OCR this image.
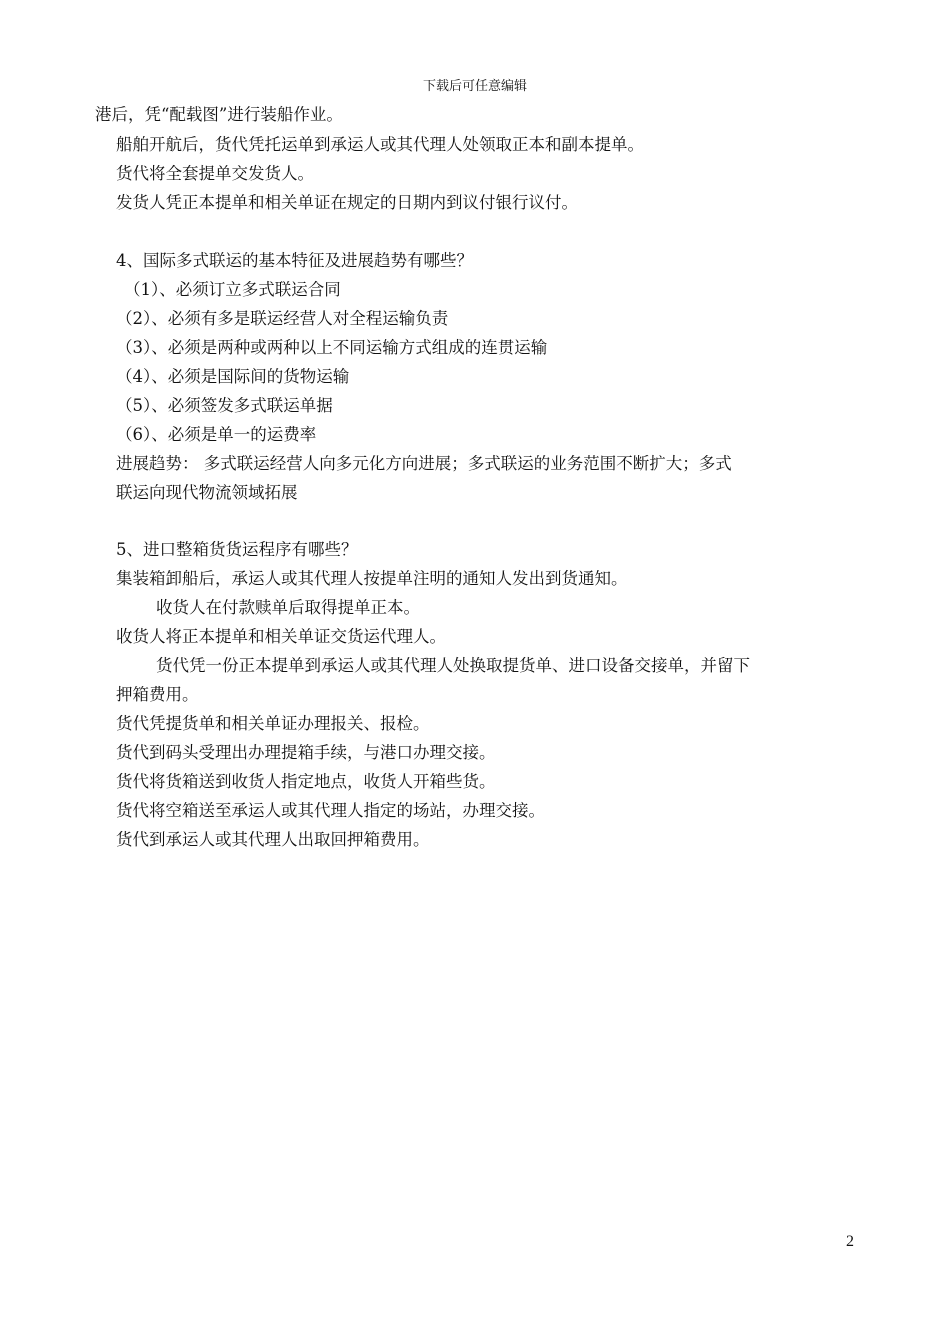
下载后可任意编辑
港后，凭“配载图”进行装船作业。
船舶开航后，货代凭托运单到承运人或其代理人处领取正本和副本提单。
货代将全套提单交发货人。
发货人凭正本提单和相关单证在规定的日期内到议付银行议付。
4、国际多式联运的基本特征及进展趋势有哪些？
（1）、必须订立多式联运合同
（2）、必须有多是联运经营人对全程运输负责
（3）、必须是两种或两种以上不同运输方式组成的连贯运输
（4）、必须是国际间的货物运输
（5）、必须签发多式联运单据
（6）、必须是单一的运费率
进展趋势： 多式联运经营人向多元化方向进展；多式联运的业务范围不断扩大；多式
联运向现代物流领域拓展
5、进口整箱货货运程序有哪些？
集装箱卸船后，承运人或其代理人按提单注明的通知人发出到货通知。
收货人在付款赎单后取得提单正本。
收货人将正本提单和相关单证交货运代理人。
货代凭一份正本提单到承运人或其代理人处换取提货单、进口设备交接单，并留下
押箱费用。
货代凭提货单和相关单证办理报关、报检。
货代到码头受理出办理提箱手续，与港口办理交接。
货代将货箱送到收货人指定地点，收货人开箱些货。
货代将空箱送至承运人或其代理人指定的场站，办理交接。
货代到承运人或其代理人出取回押箱费用。
2
